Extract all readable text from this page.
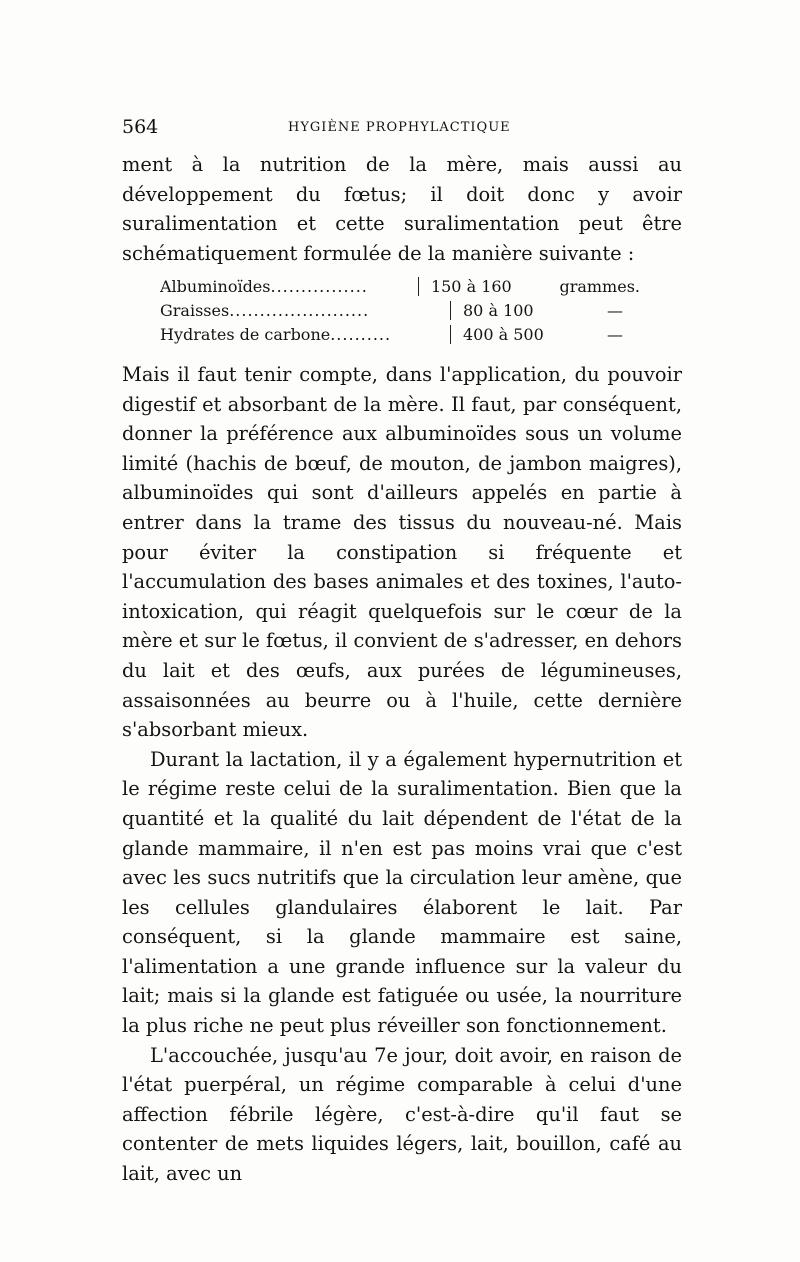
564	HYGIÈNE PROPHYLACTIQUE

ment à la nutrition de la mère, mais aussi au développement du fœtus; il doit donc y avoir suralimentation et cette suralimentation peut être schématiquement formulée de la manière suivante :

Albuminoïdes................	150 à 160	grammes.
Graisses.......................	80 à 100	—
Hydrates de carbone..........	400 à 500	—

Mais il faut tenir compte, dans l'application, du pouvoir digestif et absorbant de la mère. Il faut, par conséquent, donner la préférence aux albuminoïdes sous un volume limité (hachis de bœuf, de mouton, de jambon maigres), albuminoïdes qui sont d'ailleurs appelés en partie à entrer dans la trame des tissus du nouveau-né. Mais pour éviter la constipation si fréquente et l'accumulation des bases animales et des toxines, l'auto-intoxication, qui réagit quelquefois sur le cœur de la mère et sur le fœtus, il convient de s'adresser, en dehors du lait et des œufs, aux purées de légumineuses, assaisonnées au beurre ou à l'huile, cette dernière s'absorbant mieux.

Durant la lactation, il y a également hypernutrition et le régime reste celui de la suralimentation. Bien que la quantité et la qualité du lait dépendent de l'état de la glande mammaire, il n'en est pas moins vrai que c'est avec les sucs nutritifs que la circulation leur amène, que les cellules glandulaires élaborent le lait. Par conséquent, si la glande mammaire est saine, l'alimentation a une grande influence sur la valeur du lait; mais si la glande est fatiguée ou usée, la nourriture la plus riche ne peut plus réveiller son fonctionnement.

L'accouchée, jusqu'au 7e jour, doit avoir, en raison de l'état puerpéral, un régime comparable à celui d'une affection fébrile légère, c'est-à-dire qu'il faut se contenter de mets liquides légers, lait, bouillon, café au lait, avec un
